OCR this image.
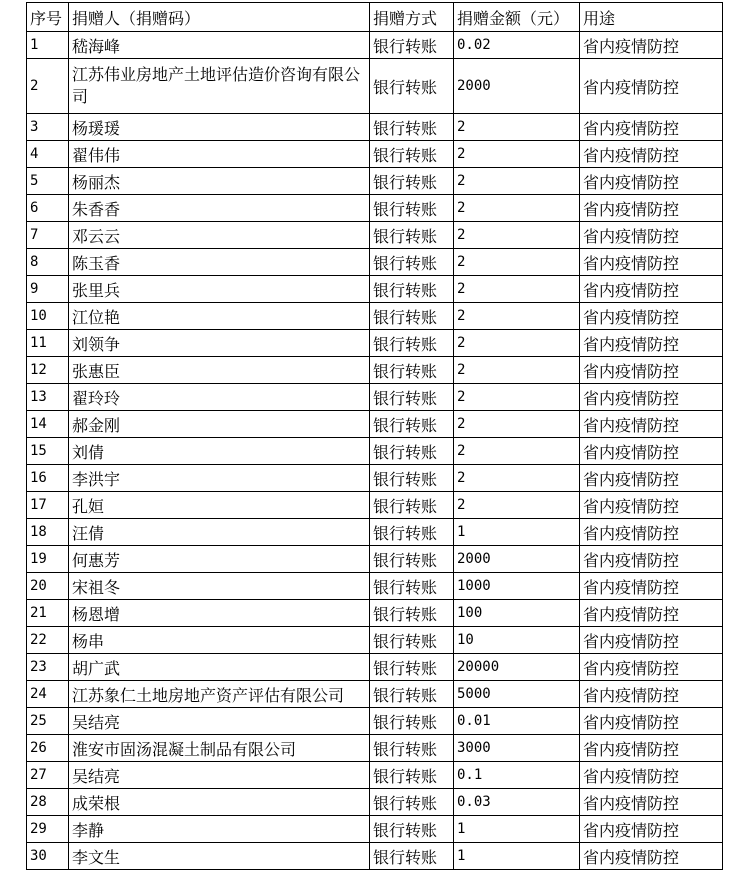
序号	捐赠人（捐赠码）	捐赠方式	捐赠金额（元）	用途
1	嵇海峰	银行转账	0.02	省内疫情防控
2	江苏伟业房地产土地评估造价咨询有限公司	银行转账	2000	省内疫情防控
3	杨瑗瑗	银行转账	2	省内疫情防控
4	翟伟伟	银行转账	2	省内疫情防控
5	杨丽杰	银行转账	2	省内疫情防控
6	朱香香	银行转账	2	省内疫情防控
7	邓云云	银行转账	2	省内疫情防控
8	陈玉香	银行转账	2	省内疫情防控
9	张里兵	银行转账	2	省内疫情防控
10	江位艳	银行转账	2	省内疫情防控
11	刘领争	银行转账	2	省内疫情防控
12	张惠臣	银行转账	2	省内疫情防控
13	翟玲玲	银行转账	2	省内疫情防控
14	郝金刚	银行转账	2	省内疫情防控
15	刘倩	银行转账	2	省内疫情防控
16	李洪宇	银行转账	2	省内疫情防控
17	孔姮	银行转账	2	省内疫情防控
18	汪倩	银行转账	1	省内疫情防控
19	何惠芳	银行转账	2000	省内疫情防控
20	宋祖冬	银行转账	1000	省内疫情防控
21	杨恩增	银行转账	100	省内疫情防控
22	杨串	银行转账	10	省内疫情防控
23	胡广武	银行转账	20000	省内疫情防控
24	江苏象仁土地房地产资产评估有限公司	银行转账	5000	省内疫情防控
25	吴结亮	银行转账	0.01	省内疫情防控
26	淮安市固汤混凝土制品有限公司	银行转账	3000	省内疫情防控
27	吴结亮	银行转账	0.1	省内疫情防控
28	成荣根	银行转账	0.03	省内疫情防控
29	李静	银行转账	1	省内疫情防控
30	李文生	银行转账	1	省内疫情防控
